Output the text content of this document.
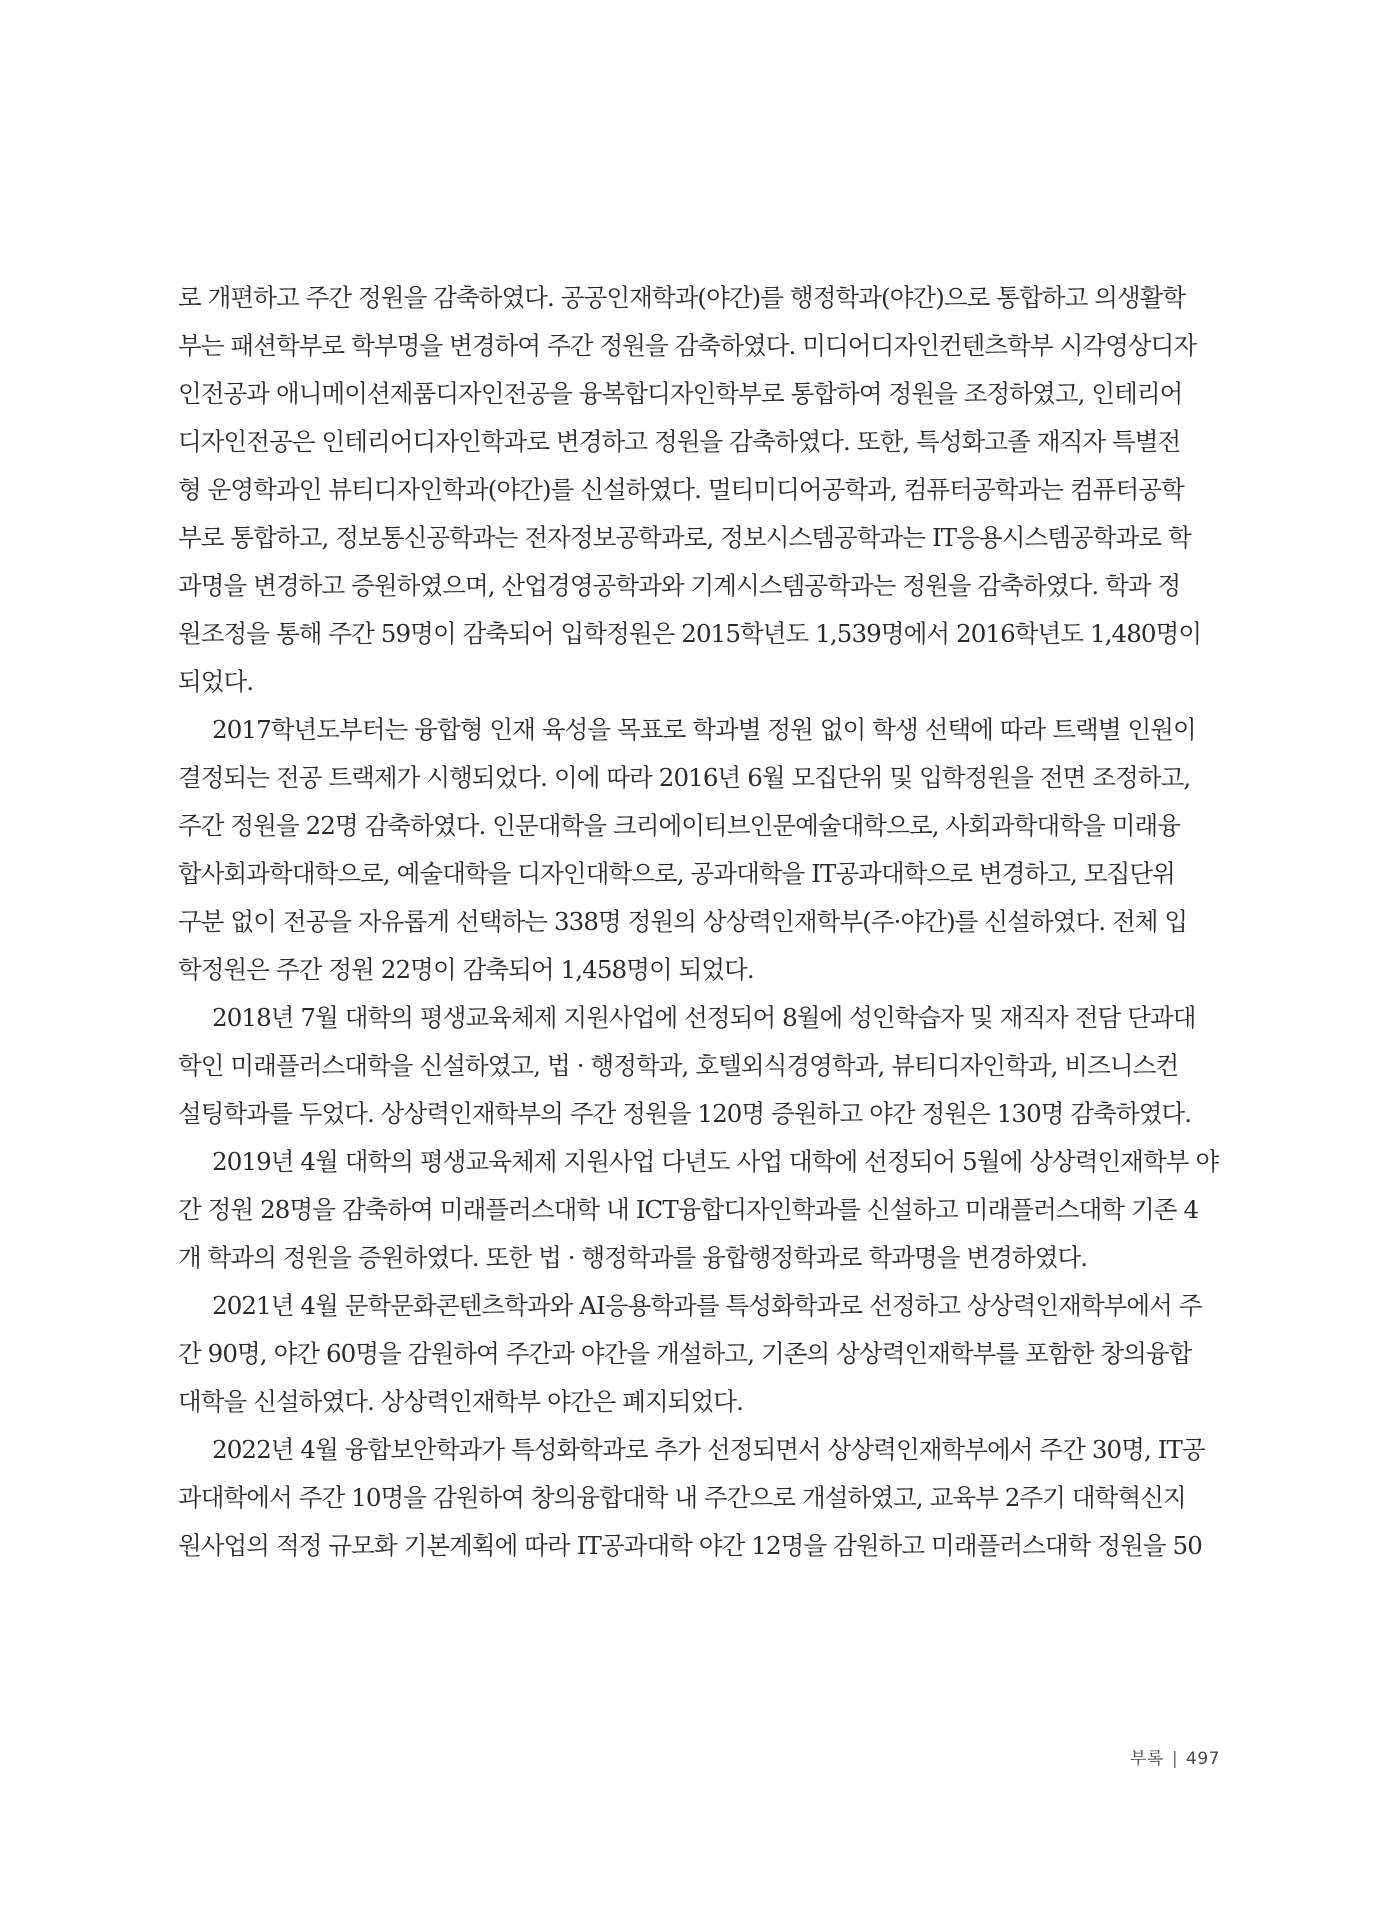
로 개편하고 주간 정원을 감축하였다. 공공인재학과(야간)를 행정학과(야간)으로 통합하고 의생활학
부는 패션학부로 학부명을 변경하여 주간 정원을 감축하였다. 미디어디자인컨텐츠학부 시각영상디자
인전공과 애니메이션제품디자인전공을 융복합디자인학부로 통합하여 정원을 조정하였고, 인테리어
디자인전공은 인테리어디자인학과로 변경하고 정원을 감축하였다. 또한, 특성화고졸 재직자 특별전
형 운영학과인 뷰티디자인학과(야간)를 신설하였다. 멀티미디어공학과, 컴퓨터공학과는 컴퓨터공학
부로 통합하고, 정보통신공학과는 전자정보공학과로, 정보시스템공학과는 IT응용시스템공학과로 학
과명을 변경하고 증원하였으며, 산업경영공학과와 기계시스템공학과는 정원을 감축하였다. 학과 정
원조정을 통해 주간 59명이 감축되어 입학정원은 2015학년도 1,539명에서 2016학년도 1,480명이
되었다.
2017학년도부터는 융합형 인재 육성을 목표로 학과별 정원 없이 학생 선택에 따라 트랙별 인원이
결정되는 전공 트랙제가 시행되었다. 이에 따라 2016년 6월 모집단위 및 입학정원을 전면 조정하고,
주간 정원을 22명 감축하였다. 인문대학을 크리에이티브인문예술대학으로, 사회과학대학을 미래융
합사회과학대학으로, 예술대학을 디자인대학으로, 공과대학을 IT공과대학으로 변경하고, 모집단위
구분 없이 전공을 자유롭게 선택하는 338명 정원의 상상력인재학부(주·야간)를 신설하였다. 전체 입
학정원은 주간 정원 22명이 감축되어 1,458명이 되었다.
2018년 7월 대학의 평생교육체제 지원사업에 선정되어 8월에 성인학습자 및 재직자 전담 단과대
학인 미래플러스대학을 신설하였고, 법 · 행정학과, 호텔외식경영학과, 뷰티디자인학과, 비즈니스컨
설팅학과를 두었다. 상상력인재학부의 주간 정원을 120명 증원하고 야간 정원은 130명 감축하였다.
2019년 4월 대학의 평생교육체제 지원사업 다년도 사업 대학에 선정되어 5월에 상상력인재학부 야
간 정원 28명을 감축하여 미래플러스대학 내 ICT융합디자인학과를 신설하고 미래플러스대학 기존 4
개 학과의 정원을 증원하였다. 또한 법 · 행정학과를 융합행정학과로 학과명을 변경하였다.
2021년 4월 문학문화콘텐츠학과와 AI응용학과를 특성화학과로 선정하고 상상력인재학부에서 주
간 90명, 야간 60명을 감원하여 주간과 야간을 개설하고, 기존의 상상력인재학부를 포함한 창의융합
대학을 신설하였다. 상상력인재학부 야간은 폐지되었다.
2022년 4월 융합보안학과가 특성화학과로 추가 선정되면서 상상력인재학부에서 주간 30명, IT공
과대학에서 주간 10명을 감원하여 창의융합대학 내 주간으로 개설하였고, 교육부 2주기 대학혁신지
원사업의 적정 규모화 기본계획에 따라 IT공과대학 야간 12명을 감원하고 미래플러스대학 정원을 50
부록 | 497
